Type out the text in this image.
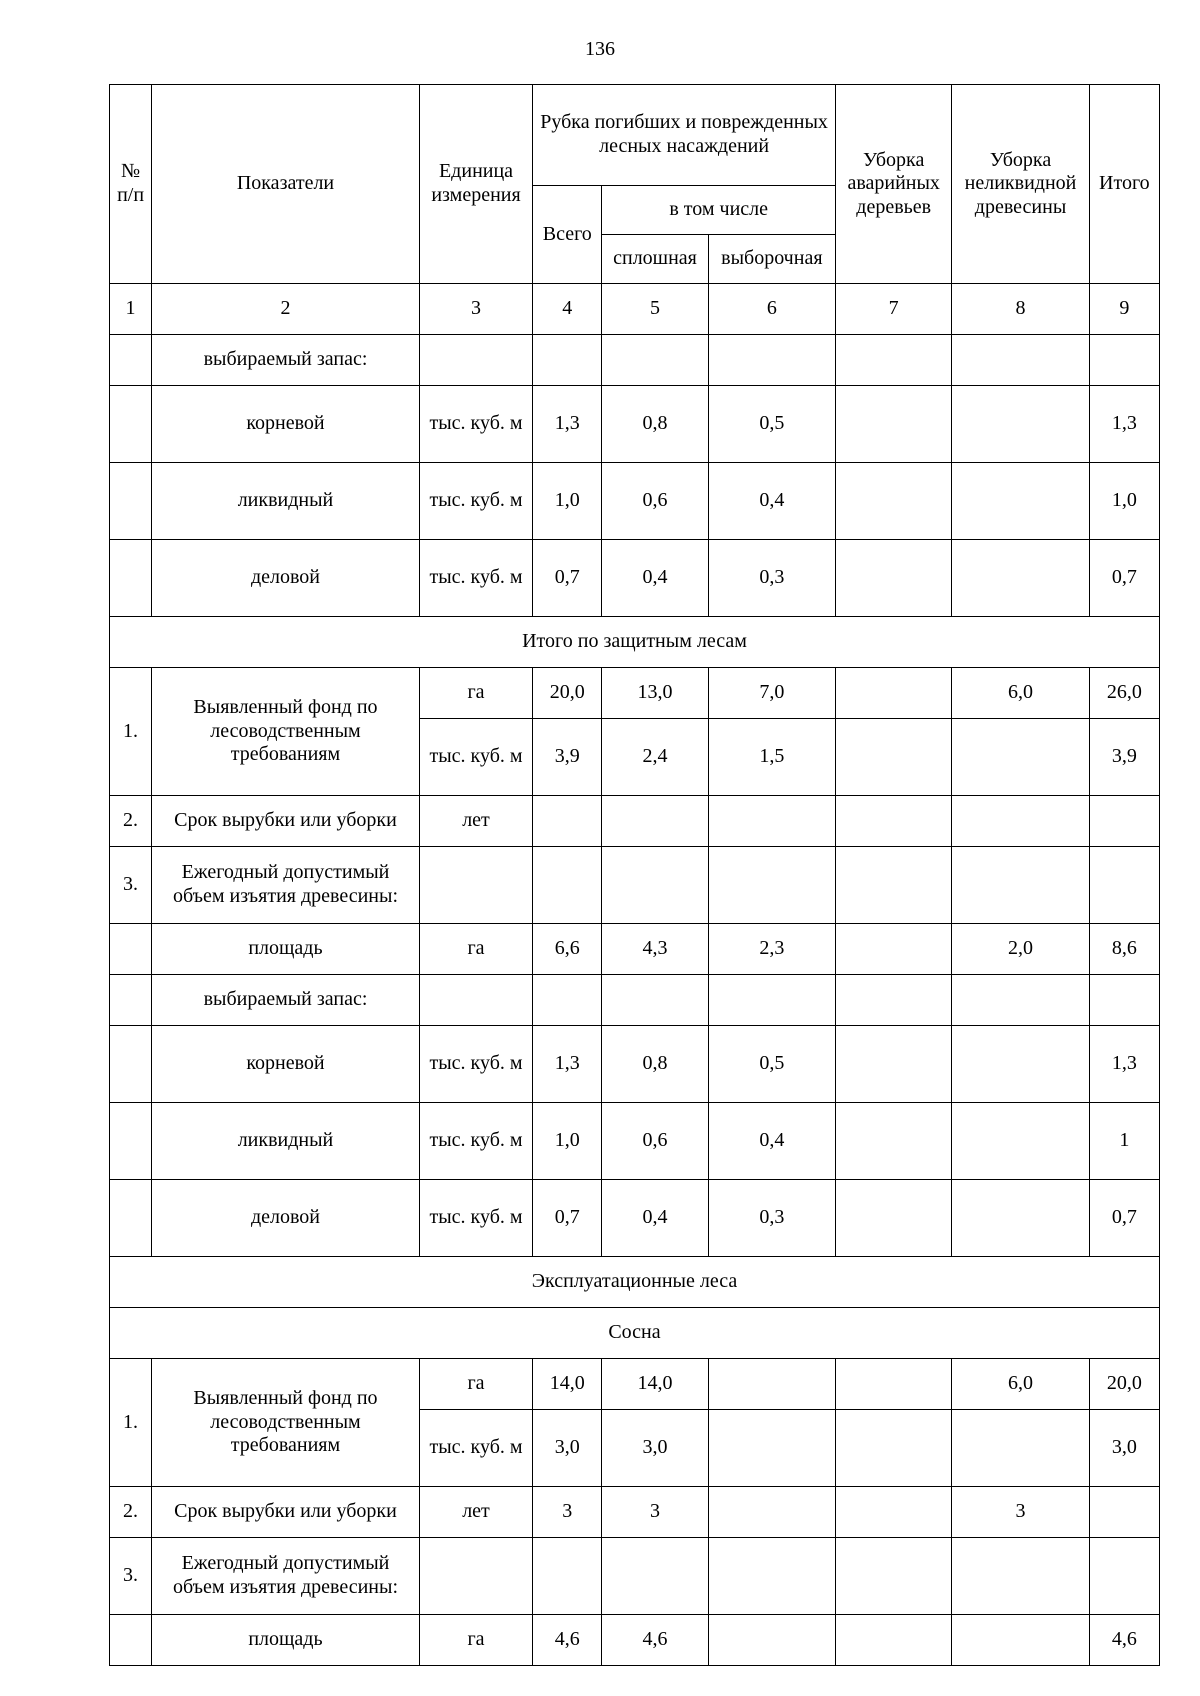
136
№ п/п	Показатели	Единица измерения	Рубка погибших и поврежденных лесных насаждений			Уборка аварийных деревьев	Уборка неликвидной древесины	Итого
			Всего	в том числе				
				сплошная	выборочная			
1	2	3	4	5	6	7	8	9
	выбираемый запас:							
	корневой	тыс. куб. м	1,3	0,8	0,5			1,3
	ликвидный	тыс. куб. м	1,0	0,6	0,4			1,0
	деловой	тыс. куб. м	0,7	0,4	0,3			0,7
Итого по защитным лесам								
1.	Выявленный фонд по лесоводственным требованиям	га	20,0	13,0	7,0		6,0	26,0
		тыс. куб. м	3,9	2,4	1,5			3,9
2.	Срок вырубки или уборки	лет						
3.	Ежегодный допустимый объем изъятия древесины:							
	площадь	га	6,6	4,3	2,3		2,0	8,6
	выбираемый запас:							
	корневой	тыс. куб. м	1,3	0,8	0,5			1,3
	ликвидный	тыс. куб. м	1,0	0,6	0,4			1
	деловой	тыс. куб. м	0,7	0,4	0,3			0,7
Эксплуатационные леса								
Сосна								
1.	Выявленный фонд по лесоводственным требованиям	га	14,0	14,0			6,0	20,0
		тыс. куб. м	3,0	3,0				3,0
2.	Срок вырубки или уборки	лет	3	3			3	
3.	Ежегодный допустимый объем изъятия древесины:							
	площадь	га	4,6	4,6				4,6
